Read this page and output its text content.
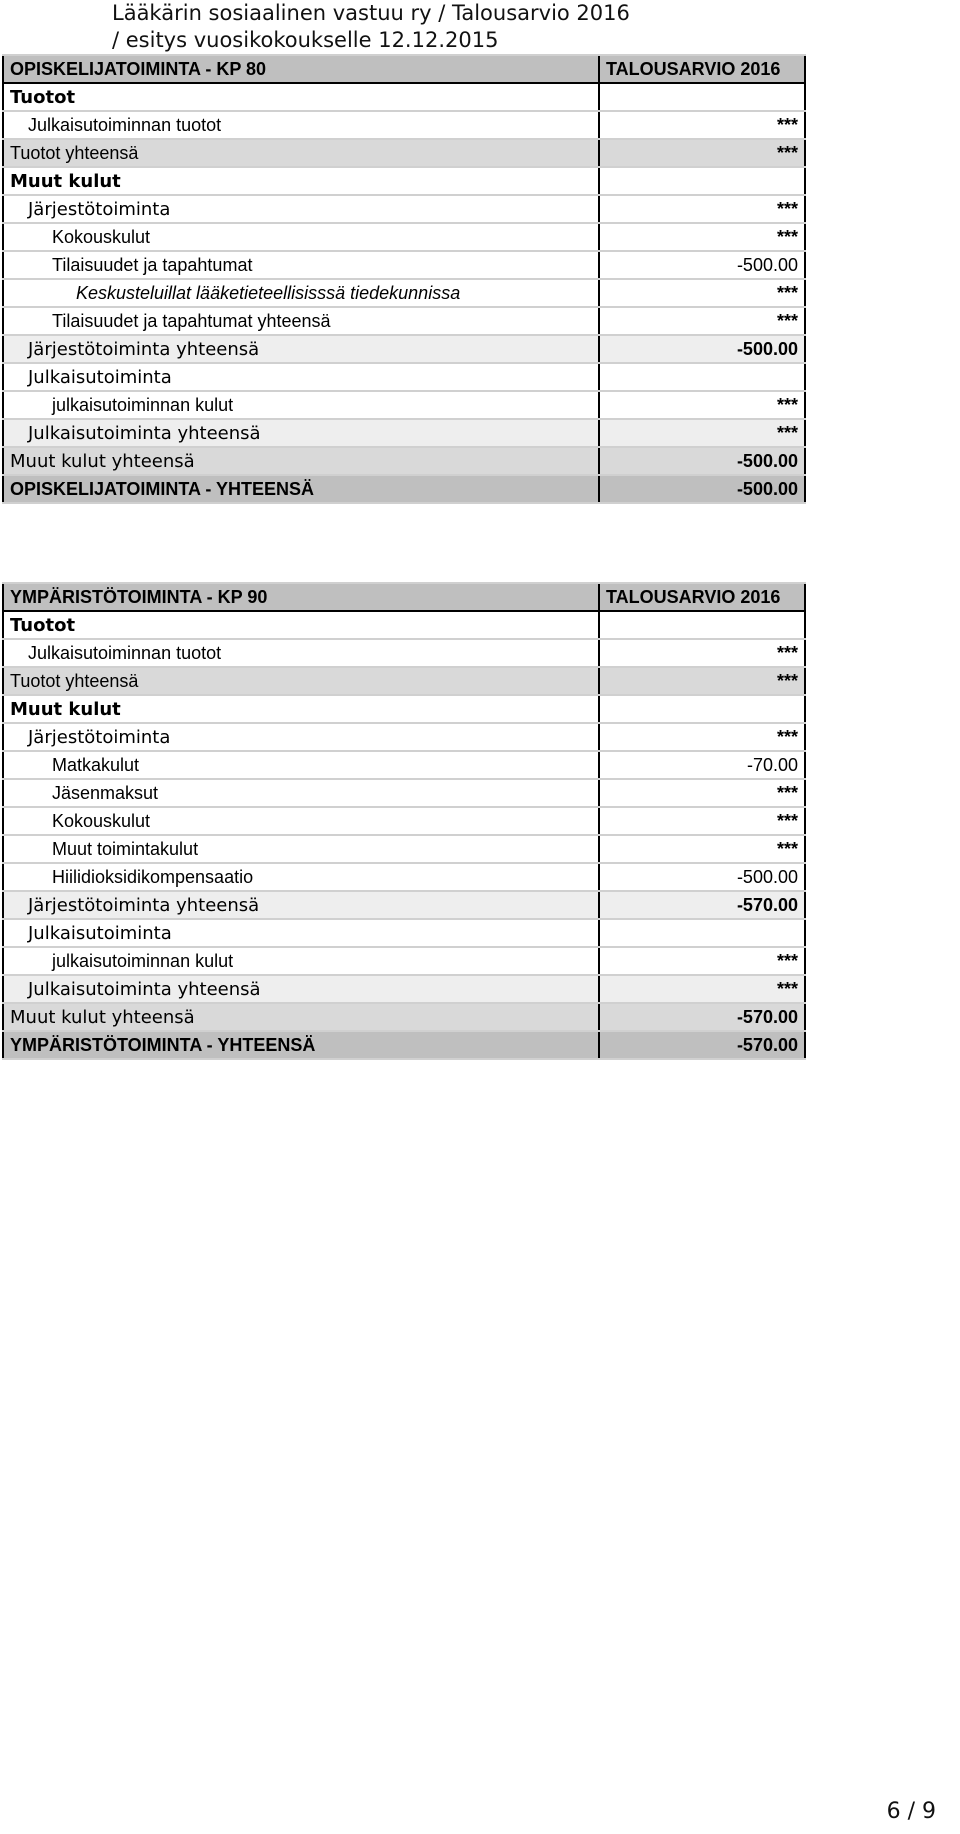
Lääkärin sosiaalinen vastuu ry / Talousarvio 2016
/ esitys vuosikokoukselle 12.12.2015
OPISKELIJATOIMINTA - KP 80	TALOUSARVIO 2016
Tuotot	
Julkaisutoiminnan tuotot	***
Tuotot yhteensä	***
Muut kulut	
Järjestötoiminta	***
Kokouskulut	***
Tilaisuudet ja tapahtumat	-500.00
Keskusteluillat lääketieteellisisssä tiedekunnissa	***
Tilaisuudet ja tapahtumat yhteensä	***
Järjestötoiminta yhteensä	-500.00
Julkaisutoiminta	
julkaisutoiminnan kulut	***
Julkaisutoiminta yhteensä	***
Muut kulut yhteensä	-500.00
OPISKELIJATOIMINTA - YHTEENSÄ	-500.00
YMPÄRISTÖTOIMINTA - KP 90	TALOUSARVIO 2016
Tuotot	
Julkaisutoiminnan tuotot	***
Tuotot yhteensä	***
Muut kulut	
Järjestötoiminta	***
Matkakulut	-70.00
Jäsenmaksut	***
Kokouskulut	***
Muut toimintakulut	***
Hiilidioksidikompensaatio	-500.00
Järjestötoiminta yhteensä	-570.00
Julkaisutoiminta	
julkaisutoiminnan kulut	***
Julkaisutoiminta yhteensä	***
Muut kulut yhteensä	-570.00
YMPÄRISTÖTOIMINTA - YHTEENSÄ	-570.00
6 / 9
